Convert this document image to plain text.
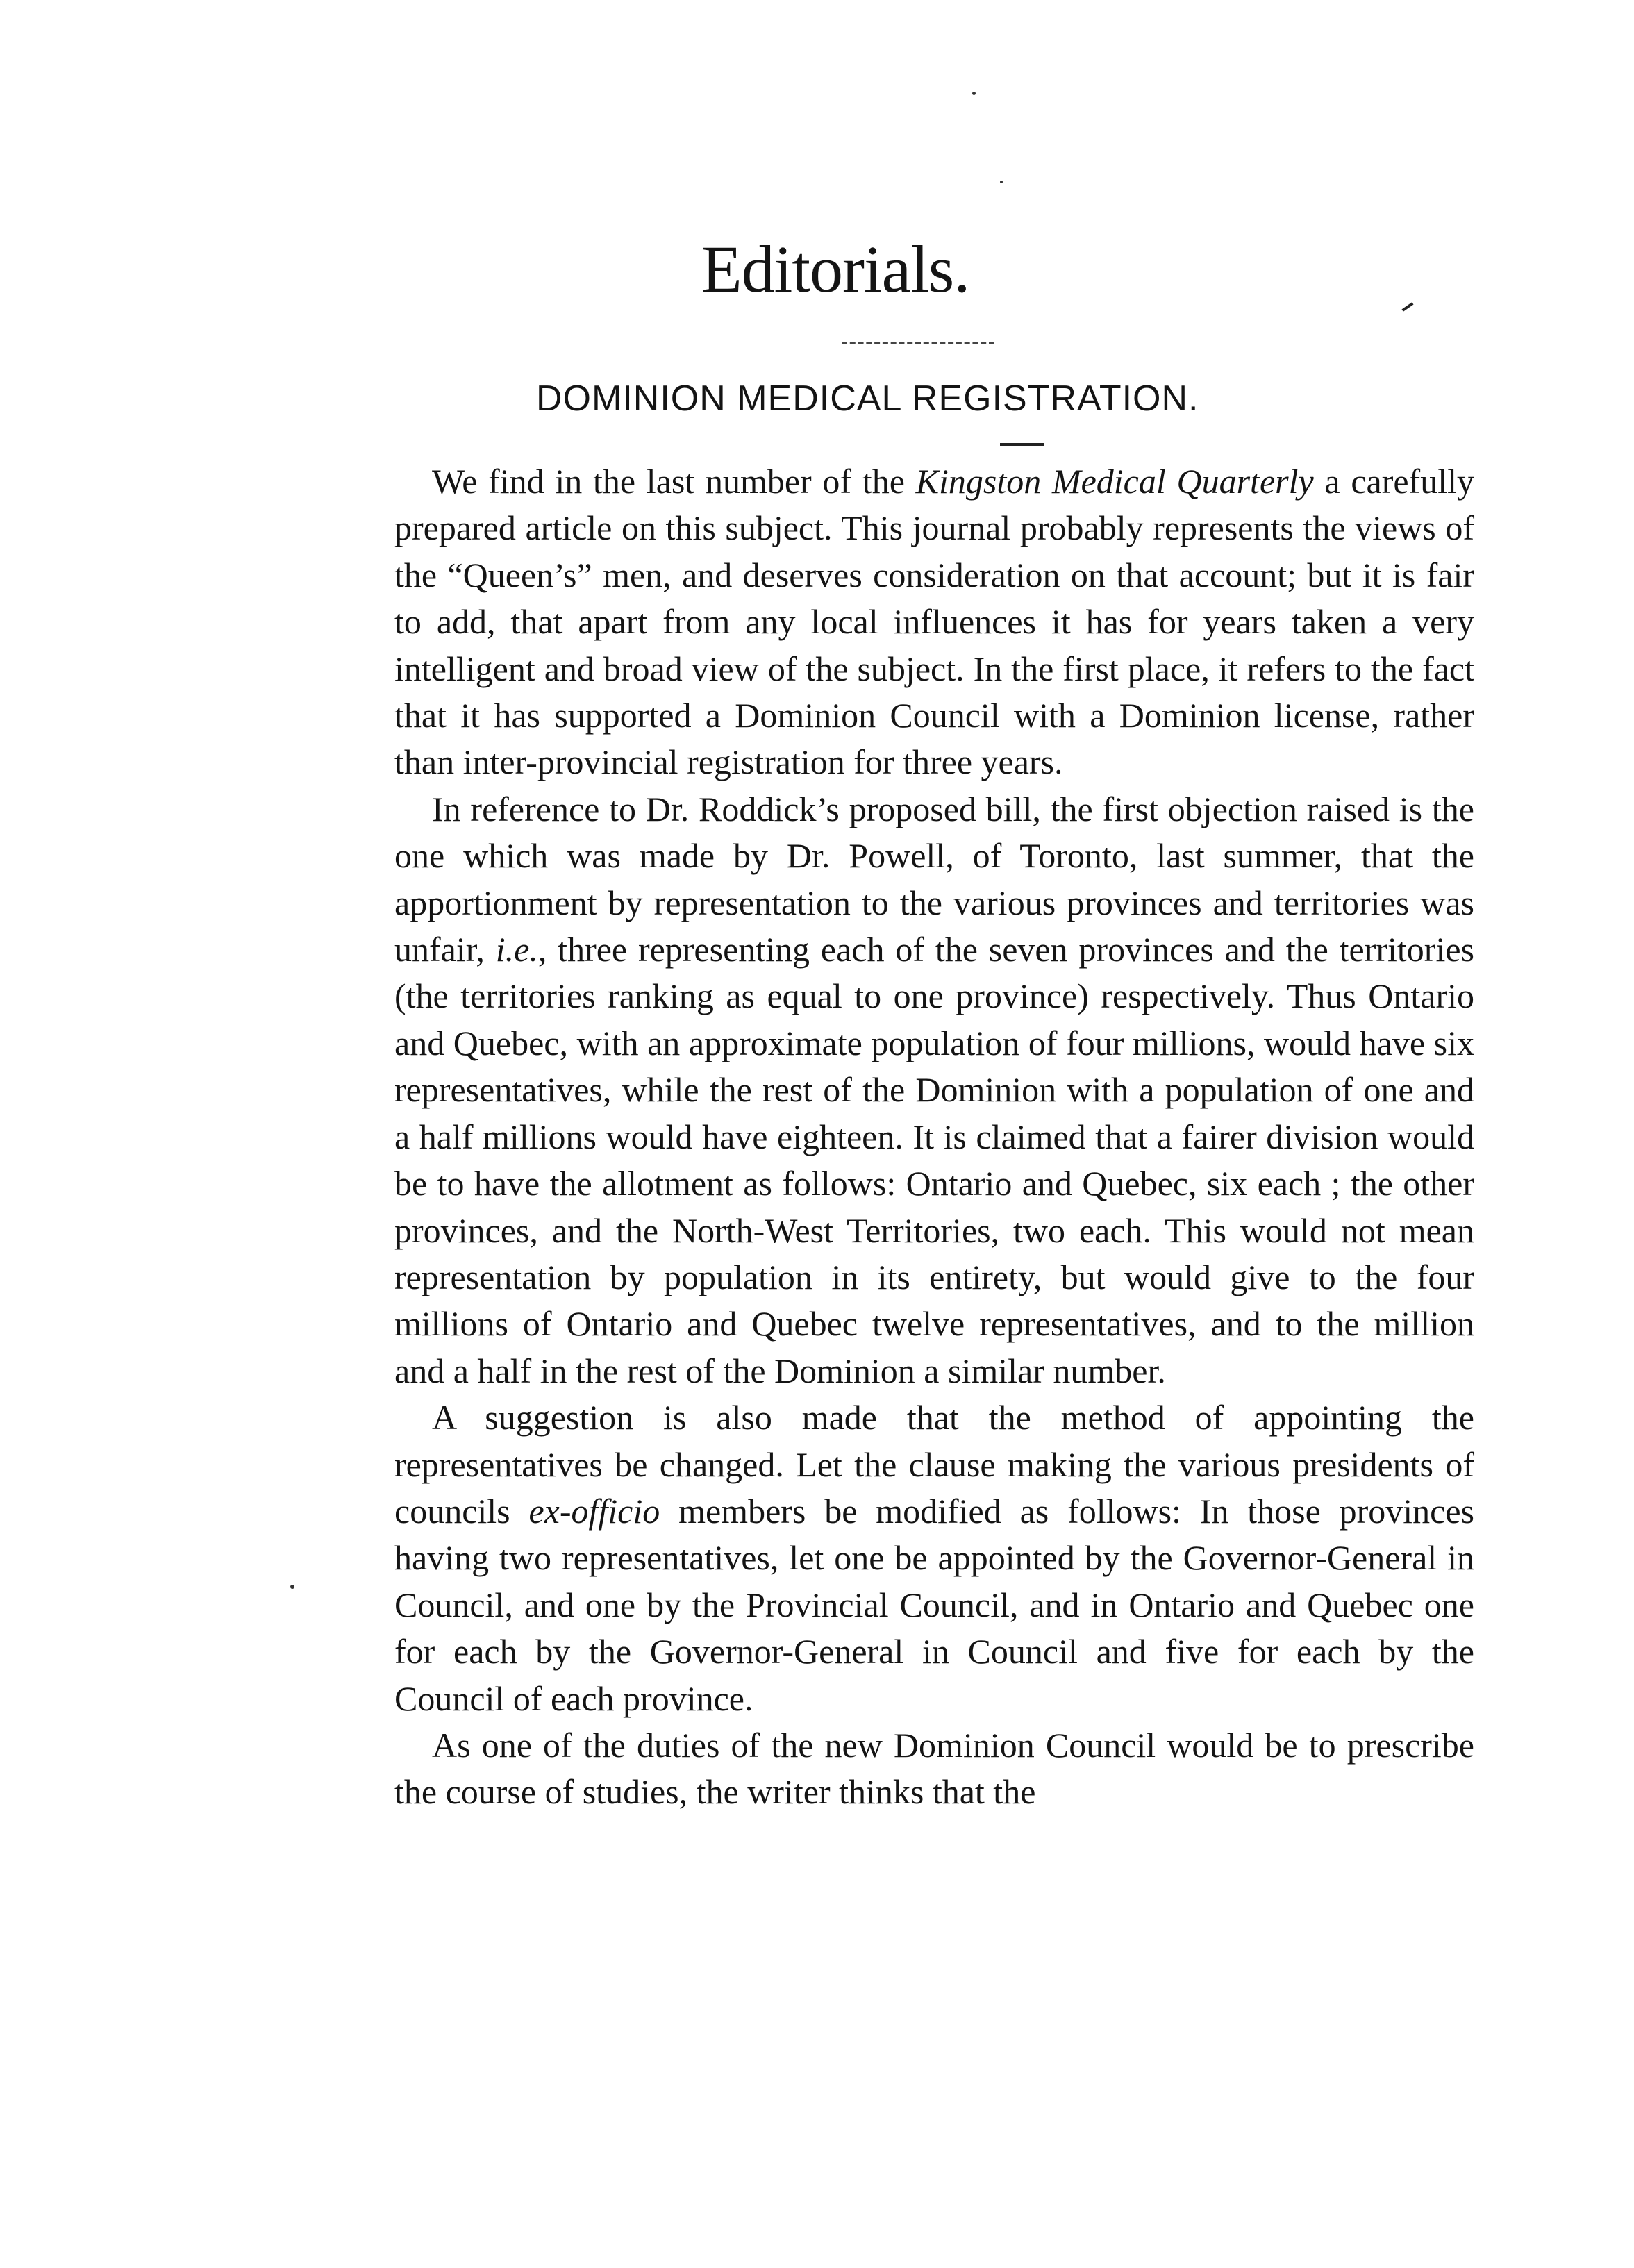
Editorials.
DOMINION MEDICAL REGISTRATION.

We find in the last number of the Kingston Medical Quarterly a carefully prepared article on this subject. This journal probably represents the views of the “Queen’s” men, and deserves consideration on that account; but it is fair to add, that apart from any local influences it has for years taken a very intelligent and broad view of the subject. In the first place, it refers to the fact that it has supported a Dominion Council with a Dominion license, rather than inter-provincial registration for three years.

In reference to Dr. Roddick’s proposed bill, the first objection raised is the one which was made by Dr. Powell, of Toronto, last summer, that the apportionment by representation to the various provinces and territories was unfair, i.e., three representing each of the seven provinces and the territories (the territories ranking as equal to one province) respectively. Thus Ontario and Quebec, with an approximate population of four millions, would have six representatives, while the rest of the Dominion with a population of one and a half millions would have eighteen. It is claimed that a fairer division would be to have the allotment as follows: Ontario and Quebec, six each ; the other provinces, and the North-West Territories, two each. This would not mean representation by population in its entirety, but would give to the four millions of Ontario and Quebec twelve representatives, and to the million and a half in the rest of the Dominion a similar number.

A suggestion is also made that the method of appointing the representatives be changed. Let the clause making the various presidents of councils ex-officio members be modified as follows: In those provinces having two representatives, let one be appointed by the Governor-General in Council, and one by the Provincial Council, and in Ontario and Quebec one for each by the Governor-General in Council and five for each by the Council of each province.

As one of the duties of the new Dominion Council would be to prescribe the course of studies, the writer thinks that the
